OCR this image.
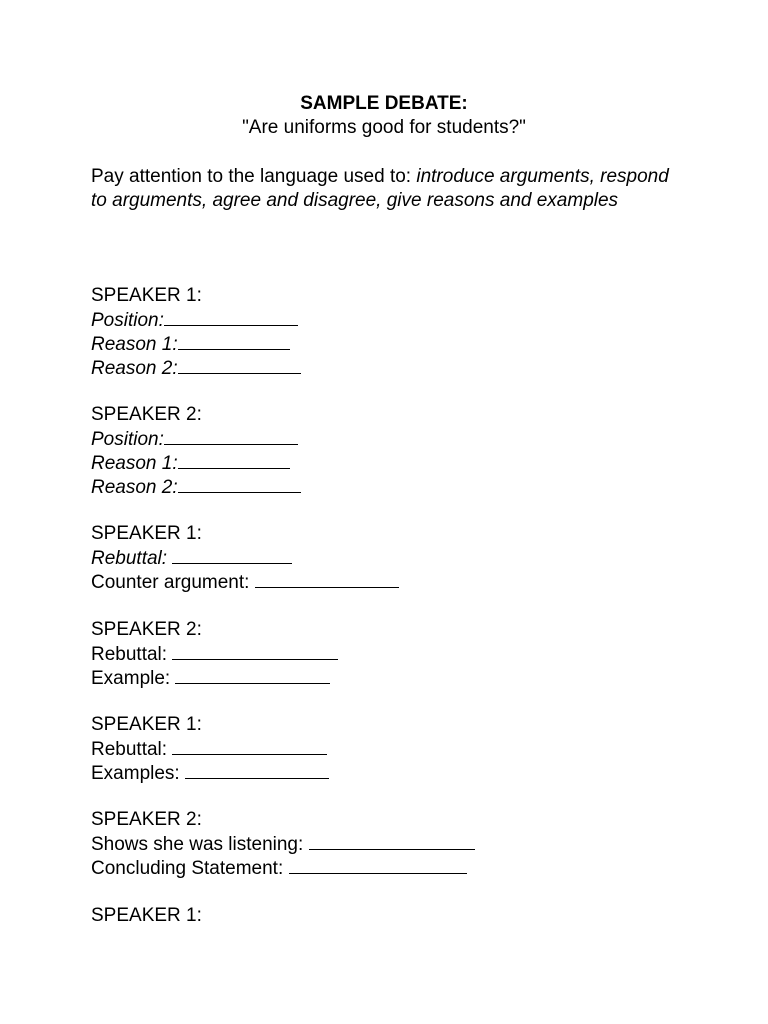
SAMPLE DEBATE:
"Are uniforms good for students?"
Pay attention to the language used to: introduce arguments, respond to arguments, agree and disagree, give reasons and examples
SPEAKER 1:
Position:
Reason 1:
Reason 2:
SPEAKER 2:
Position:
Reason 1:
Reason 2:
SPEAKER 1:
Rebuttal:
Counter argument:
SPEAKER 2:
Rebuttal:
Example:
SPEAKER 1:
Rebuttal:
Examples:
SPEAKER 2:
Shows she was listening:
Concluding Statement:
SPEAKER 1:
